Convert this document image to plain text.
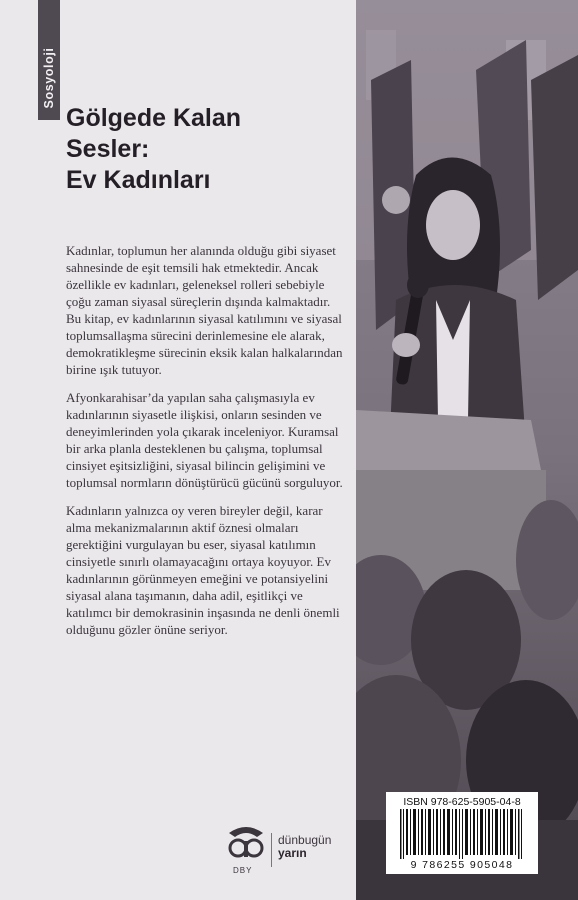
Sosyoloji
Gölgede Kalan
Sesler:
Ev Kadınları

Kadınlar, toplumun her alanında olduğu gibi siyaset sahnesinde de eşit temsili hak etmektedir. Ancak özellikle ev kadınları, geleneksel rolleri sebebiyle çoğu zaman siyasal süreçlerin dışında kalmaktadır. Bu kitap, ev kadınlarının siyasal katılımını ve siyasal toplumsallaşma sürecini derinlemesine ele alarak, demokratikleşme sürecinin eksik kalan halkalarından birine ışık tutuyor.

Afyonkarahisar’da yapılan saha çalışmasıyla ev kadınlarının siyasetle ilişkisi, onların sesinden ve deneyimlerinden yola çıkarak inceleniyor. Kuramsal bir arka planla desteklenen bu çalışma, toplumsal cinsiyet eşitsizliğini, siyasal bilincin gelişimini ve toplumsal normların dönüştürücü gücünü sorguluyor.

Kadınların yalnızca oy veren bireyler değil, karar alma mekanizmalarının aktif öznesi olmaları gerektiğini vurgulayan bu eser, siyasal katılımın cinsiyetle sınırlı olamayacağını ortaya koyuyor. Ev kadınlarının görünmeyen emeğini ve potansiyelini siyasal alana taşımanın, daha adil, eşitlikçi ve katılımcı bir demokrasinin inşasında ne denli önemli olduğunu gözler önüne seriyor.

ISBN 978-625-5905-04-8
9 786255 905048
DBY
dünbugün
yarın
